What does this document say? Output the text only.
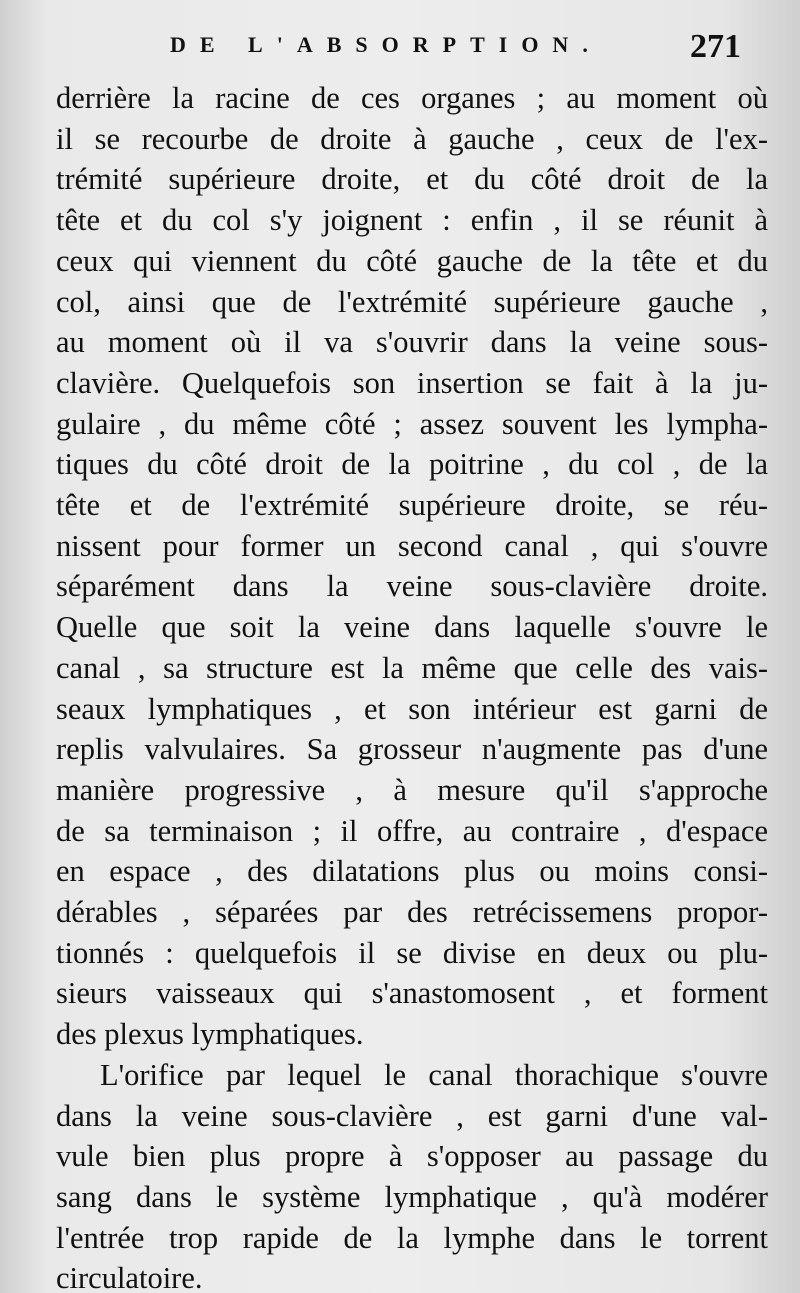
DE L'ABSORPTION.	271
derrière la racine de ces organes ; au moment où
il se recourbe de droite à gauche , ceux de l'ex-
trémité supérieure droite, et du côté droit de la
tête et du col s'y joignent : enfin , il se réunit à
ceux qui viennent du côté gauche de la tête et du
col, ainsi que de l'extrémité supérieure gauche ,
au moment où il va s'ouvrir dans la veine sous-
clavière. Quelquefois son insertion se fait à la ju-
gulaire , du même côté ; assez souvent les lympha-
tiques du côté droit de la poitrine , du col , de la
tête et de l'extrémité supérieure droite, se réu-
nissent pour former un second canal , qui s'ouvre
séparément dans la veine sous-clavière droite.
Quelle que soit la veine dans laquelle s'ouvre le
canal , sa structure est la même que celle des vais-
seaux lymphatiques , et son intérieur est garni de
replis valvulaires. Sa grosseur n'augmente pas d'une
manière progressive , à mesure qu'il s'approche
de sa terminaison ; il offre, au contraire , d'espace
en espace , des dilatations plus ou moins consi-
dérables , séparées par des retrécissemens propor-
tionnés : quelquefois il se divise en deux ou plu-
sieurs vaisseaux qui s'anastomosent , et forment
des plexus lymphatiques.
L'orifice par lequel le canal thorachique s'ouvre
dans la veine sous-clavière , est garni d'une val-
vule bien plus propre à s'opposer au passage du
sang dans le système lymphatique , qu'à modérer
l'entrée trop rapide de la lymphe dans le torrent
circulatoire.
